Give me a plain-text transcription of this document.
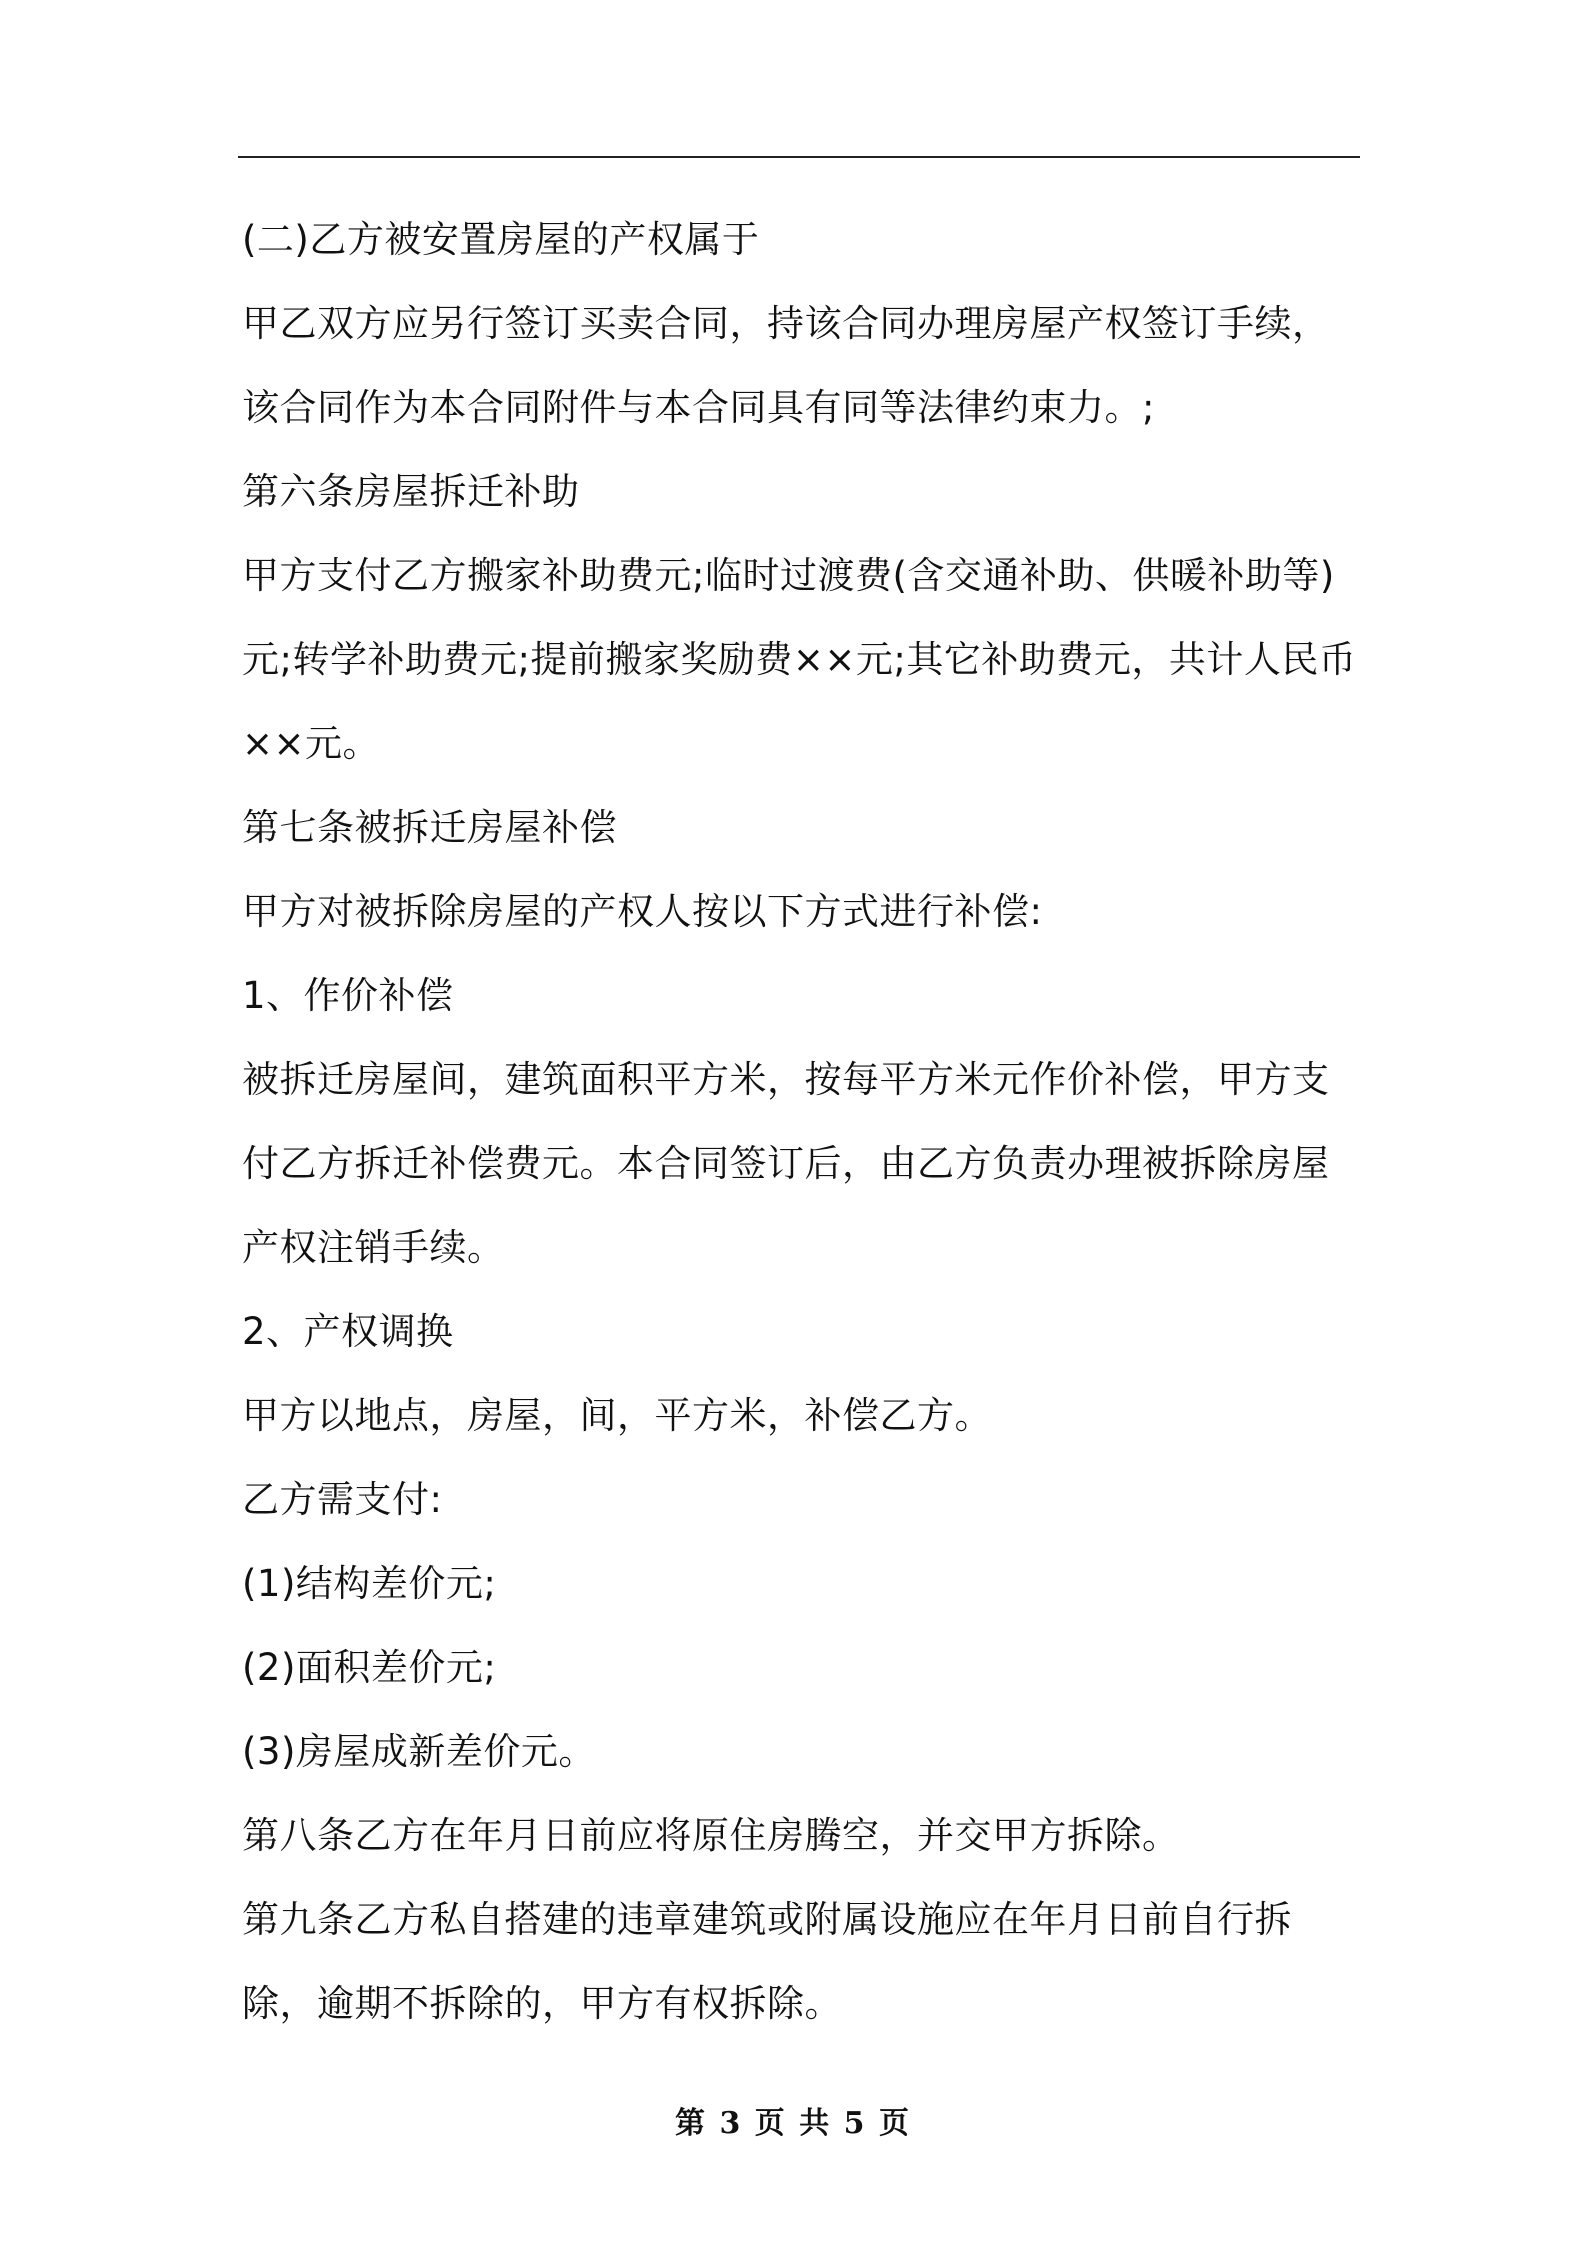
(二)乙方被安置房屋的产权属于

甲乙双方应另行签订买卖合同，持该合同办理房屋产权签订手续，该合同作为本合同附件与本合同具有同等法律约束力。;

第六条房屋拆迁补助

甲方支付乙方搬家补助费元;临时过渡费(含交通补助、供暖补助等)元;转学补助费元;提前搬家奖励费××元;其它补助费元，共计人民币××元。

第七条被拆迁房屋补偿

甲方对被拆除房屋的产权人按以下方式进行补偿:

1、作价补偿

被拆迁房屋间，建筑面积平方米，按每平方米元作价补偿，甲方支付乙方拆迁补偿费元。本合同签订后，由乙方负责办理被拆除房屋产权注销手续。

2、产权调换

甲方以地点，房屋，间，平方米，补偿乙方。

乙方需支付:

(1)结构差价元;

(2)面积差价元;

(3)房屋成新差价元。

第八条乙方在年月日前应将原住房腾空，并交甲方拆除。

第九条乙方私自搭建的违章建筑或附属设施应在年月日前自行拆除，逾期不拆除的，甲方有权拆除。

第 3 页 共 5 页
